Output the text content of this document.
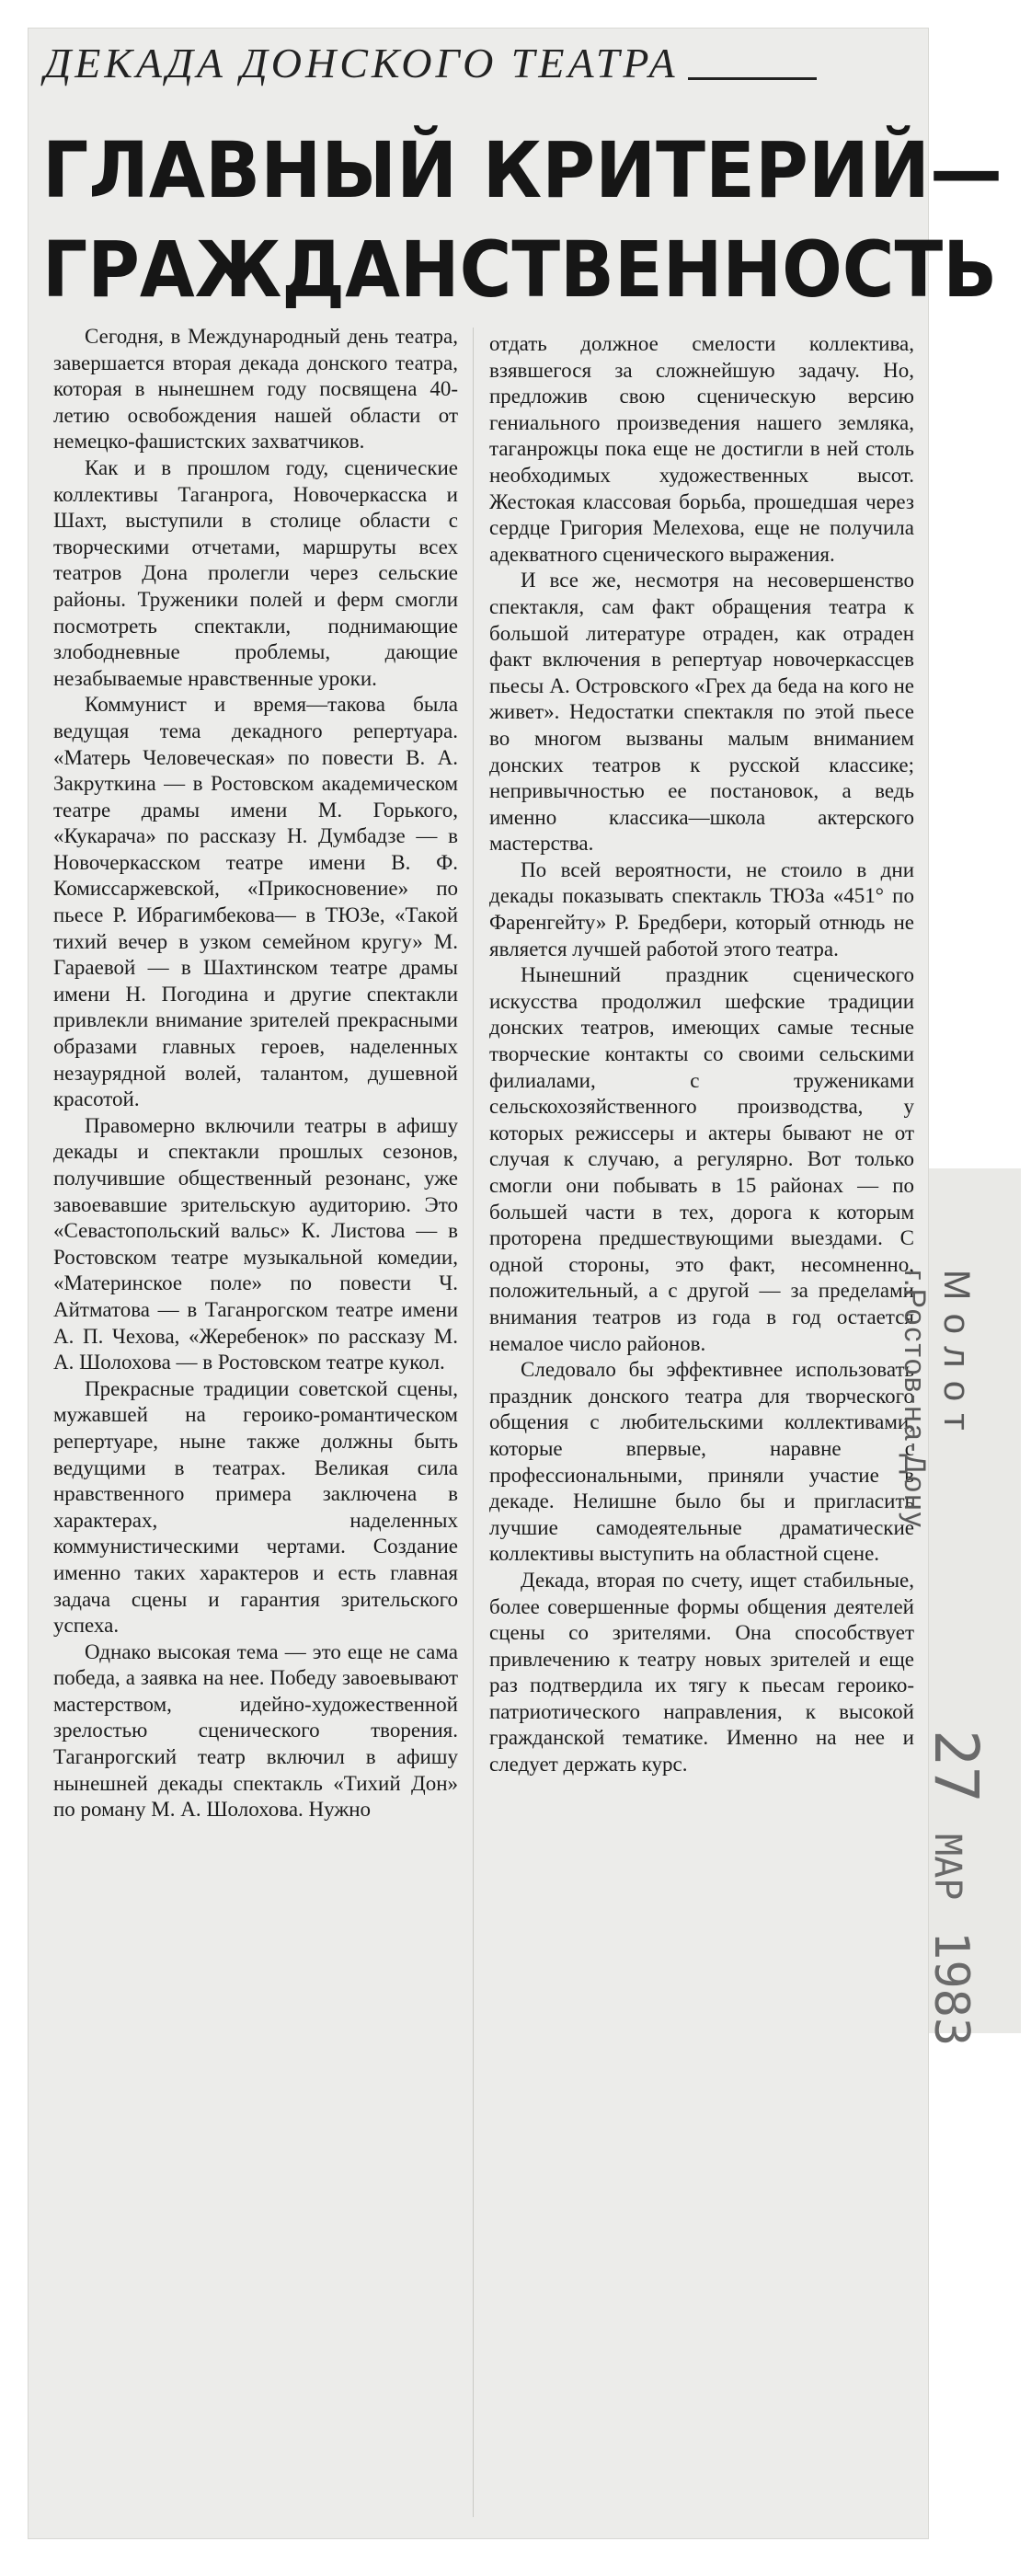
ДЕКАДА ДОНСКОГО ТЕАТРА
ГЛАВНЫЙ КРИТЕРИЙ—
ГРАЖДАНСТВЕННОСТЬ

Сегодня, в Международный день театра, завершается вторая декада донского театра, которая в нынешнем году посвящена 40-летию освобождения нашей области от немецко-фашистских захватчиков.

Как и в прошлом году, сценические коллективы Таганрога, Новочеркасска и Шахт, выступили в столице области с творческими отчетами, маршруты всех театров Дона пролегли через сельские районы. Труженики полей и ферм смогли посмотреть спектакли, поднимающие злободневные проблемы, дающие незабываемые нравственные уроки.

Коммунист и время—такова была ведущая тема декадного репертуара. «Матерь Человеческая» по повести В. А. Закруткина — в Ростовском академическом театре драмы имени М. Горького, «Кукарача» по рассказу Н. Думбадзе — в Новочеркасском театре имени В. Ф. Комиссаржевской, «Прикосновение» по пьесе Р. Ибрагимбекова— в ТЮЗе, «Такой тихий вечер в узком семейном кругу» М. Гараевой — в Шахтинском театре драмы имени Н. Погодина и другие спектакли привлекли внимание зрителей прекрасными образами главных героев, наделенных незаурядной волей, талантом, душевной красотой.

Правомерно включили театры в афишу декады и спектакли прошлых сезонов, получившие общественный резонанс, уже завоевавшие зрительскую аудиторию. Это «Севастопольский вальс» К. Листова — в Ростовском театре музыкальной комедии, «Материнское поле» по повести Ч. Айтматова — в Таганрогском театре имени А. П. Чехова, «Жеребенок» по рассказу М. А. Шолохова — в Ростовском театре кукол.

Прекрасные традиции советской сцены, мужавшей на героико-романтическом репертуаре, ныне также должны быть ведущими в театрах. Великая сила нравственного примера заключена в характерах, наделенных коммунистическими чертами. Создание именно таких характеров и есть главная задача сцены и гарантия зрительского успеха.

Однако высокая тема — это еще не сама победа, а заявка на нее. Победу завоевывают мастерством, идейно-художественной зрелостью сценического творения. Таганрогский театр включил в афишу нынешней декады спектакль «Тихий Дон» по роману М. А. Шолохова. Нужно

отдать должное смелости коллектива, взявшегося за сложнейшую задачу. Но, предложив свою сценическую версию гениального произведения нашего земляка, таганрожцы пока еще не достигли в ней столь необходимых художественных высот. Жестокая классовая борьба, прошедшая через сердце Григория Мелехова, еще не получила адекватного сценического выражения.

И все же, несмотря на несовершенство спектакля, сам факт обращения театра к большой литературе отраден, как отраден факт включения в репертуар новочеркассцев пьесы А. Островского «Грех да беда на кого не живет». Недостатки спектакля по этой пьесе во многом вызваны малым вниманием донских театров к русской классике; непривычностью ее постановок, а ведь именно классика—школа актерского мастерства.

По всей вероятности, не стоило в дни декады показывать спектакль ТЮЗа «451° по Фаренгейту» Р. Бредбери, который отнюдь не является лучшей работой этого театра.

Нынешний праздник сценического искусства продолжил шефские традиции донских театров, имеющих самые тесные творческие контакты со своими сельскими филиалами, с тружениками сельскохозяйственного производства, у которых режиссеры и актеры бывают не от случая к случаю, а регулярно. Вот только смогли они побывать в 15 районах — по большей части в тех, дорога к которым проторена предшествующими выездами. С одной стороны, это факт, несомненно, положительный, а с другой — за пределами внимания театров из года в год остается немалое число районов.

Следовало бы эффективнее использовать праздник донского театра для творческого общения с любительскими коллективами, которые впервые, наравне с профессиональными, приняли участие в декаде. Нелишне было бы и пригласить лучшие самодеятельные драматические коллективы выступить на областной сцене.

Декада, вторая по счету, ищет стабильные, более совершенные формы общения деятелей сцены со зрителями. Она способствует привлечению к театру новых зрителей и еще раз подтвердила их тягу к пьесам героико-патриотического направления, к высокой гражданской тематике. Именно на нее и следует держать курс.

Молот
г.Ростов-на-Дону
27 МАР 1983
